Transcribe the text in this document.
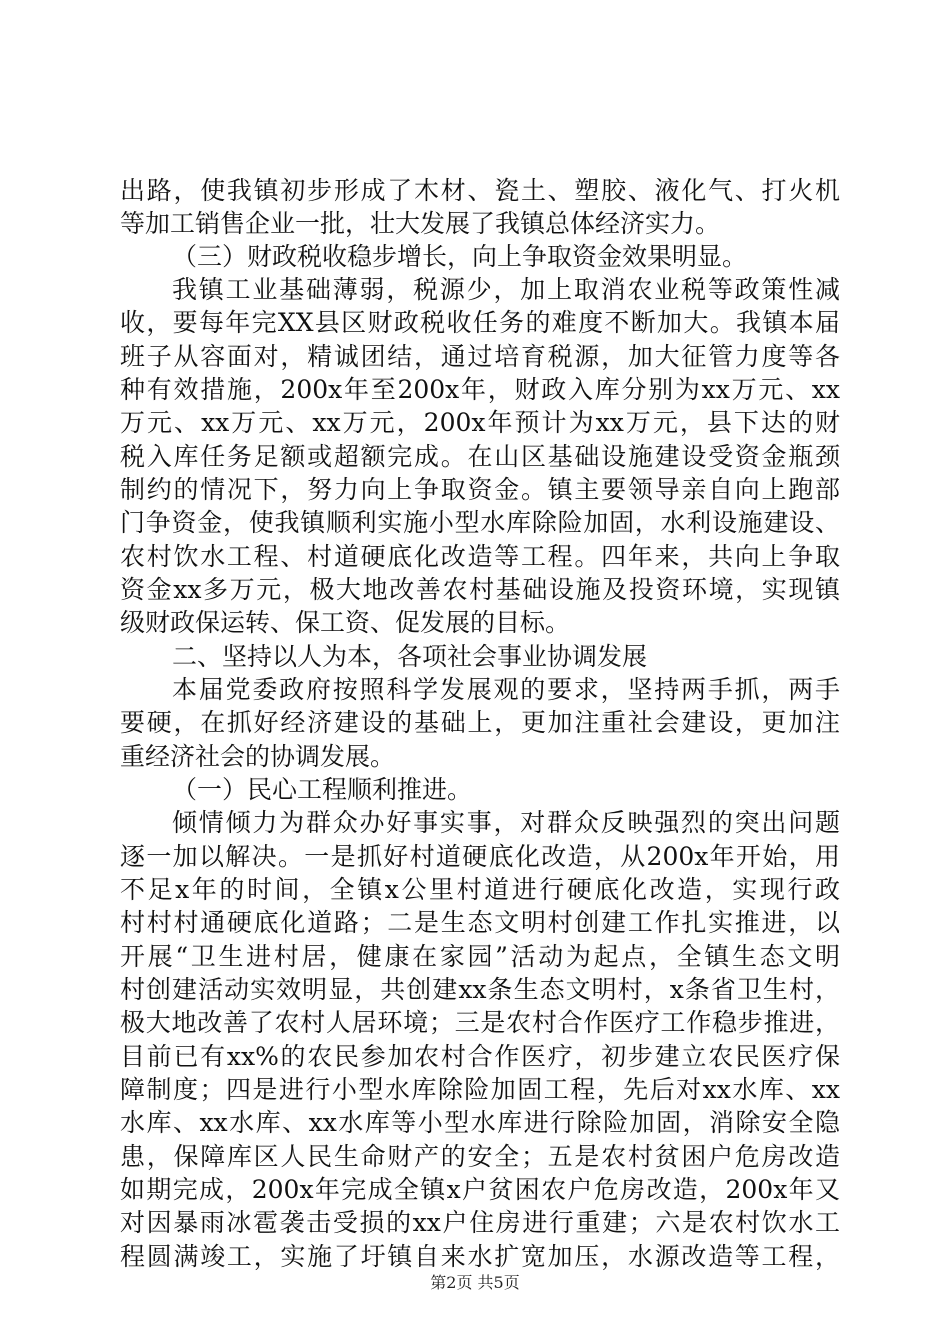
出路，使我镇初步形成了木材、瓷土、塑胶、液化气、打火机
等加工销售企业一批，壮大发展了我镇总体经济实力。
（三）财政税收稳步增长，向上争取资金效果明显。
我镇工业基础薄弱，税源少，加上取消农业税等政策性减
收，要每年完XX县区财政税收任务的难度不断加大。我镇本届
班子从容面对，精诚团结，通过培育税源，加大征管力度等各
种有效措施，200x年至200x年，财政入库分别为xx万元、xx
万元、xx万元、xx万元，200x年预计为xx万元，县下达的财
税入库任务足额或超额完成。在山区基础设施建设受资金瓶颈
制约的情况下，努力向上争取资金。镇主要领导亲自向上跑部
门争资金，使我镇顺利实施小型水库除险加固，水利设施建设、
农村饮水工程、村道硬底化改造等工程。四年来，共向上争取
资金xx多万元，极大地改善农村基础设施及投资环境，实现镇
级财政保运转、保工资、促发展的目标。
二、坚持以人为本，各项社会事业协调发展
本届党委政府按照科学发展观的要求，坚持两手抓，两手
要硬，在抓好经济建设的基础上，更加注重社会建设，更加注
重经济社会的协调发展。
（一）民心工程顺利推进。
倾情倾力为群众办好事实事，对群众反映强烈的突出问题
逐一加以解决。一是抓好村道硬底化改造，从200x年开始，用
不足x年的时间，全镇x公里村道进行硬底化改造，实现行政
村村村通硬底化道路；二是生态文明村创建工作扎实推进，以
开展“卫生进村居，健康在家园”活动为起点，全镇生态文明
村创建活动实效明显，共创建xx条生态文明村，x条省卫生村，
极大地改善了农村人居环境；三是农村合作医疗工作稳步推进，
目前已有xx%的农民参加农村合作医疗，初步建立农民医疗保
障制度；四是进行小型水库除险加固工程，先后对xx水库、xx
水库、xx水库、xx水库等小型水库进行除险加固，消除安全隐
患，保障库区人民生命财产的安全；五是农村贫困户危房改造
如期完成，200x年完成全镇x户贫困农户危房改造，200x年又
对因暴雨冰雹袭击受损的xx户住房进行重建；六是农村饮水工
程圆满竣工，实施了圩镇自来水扩宽加压，水源改造等工程，
第2页 共5页
